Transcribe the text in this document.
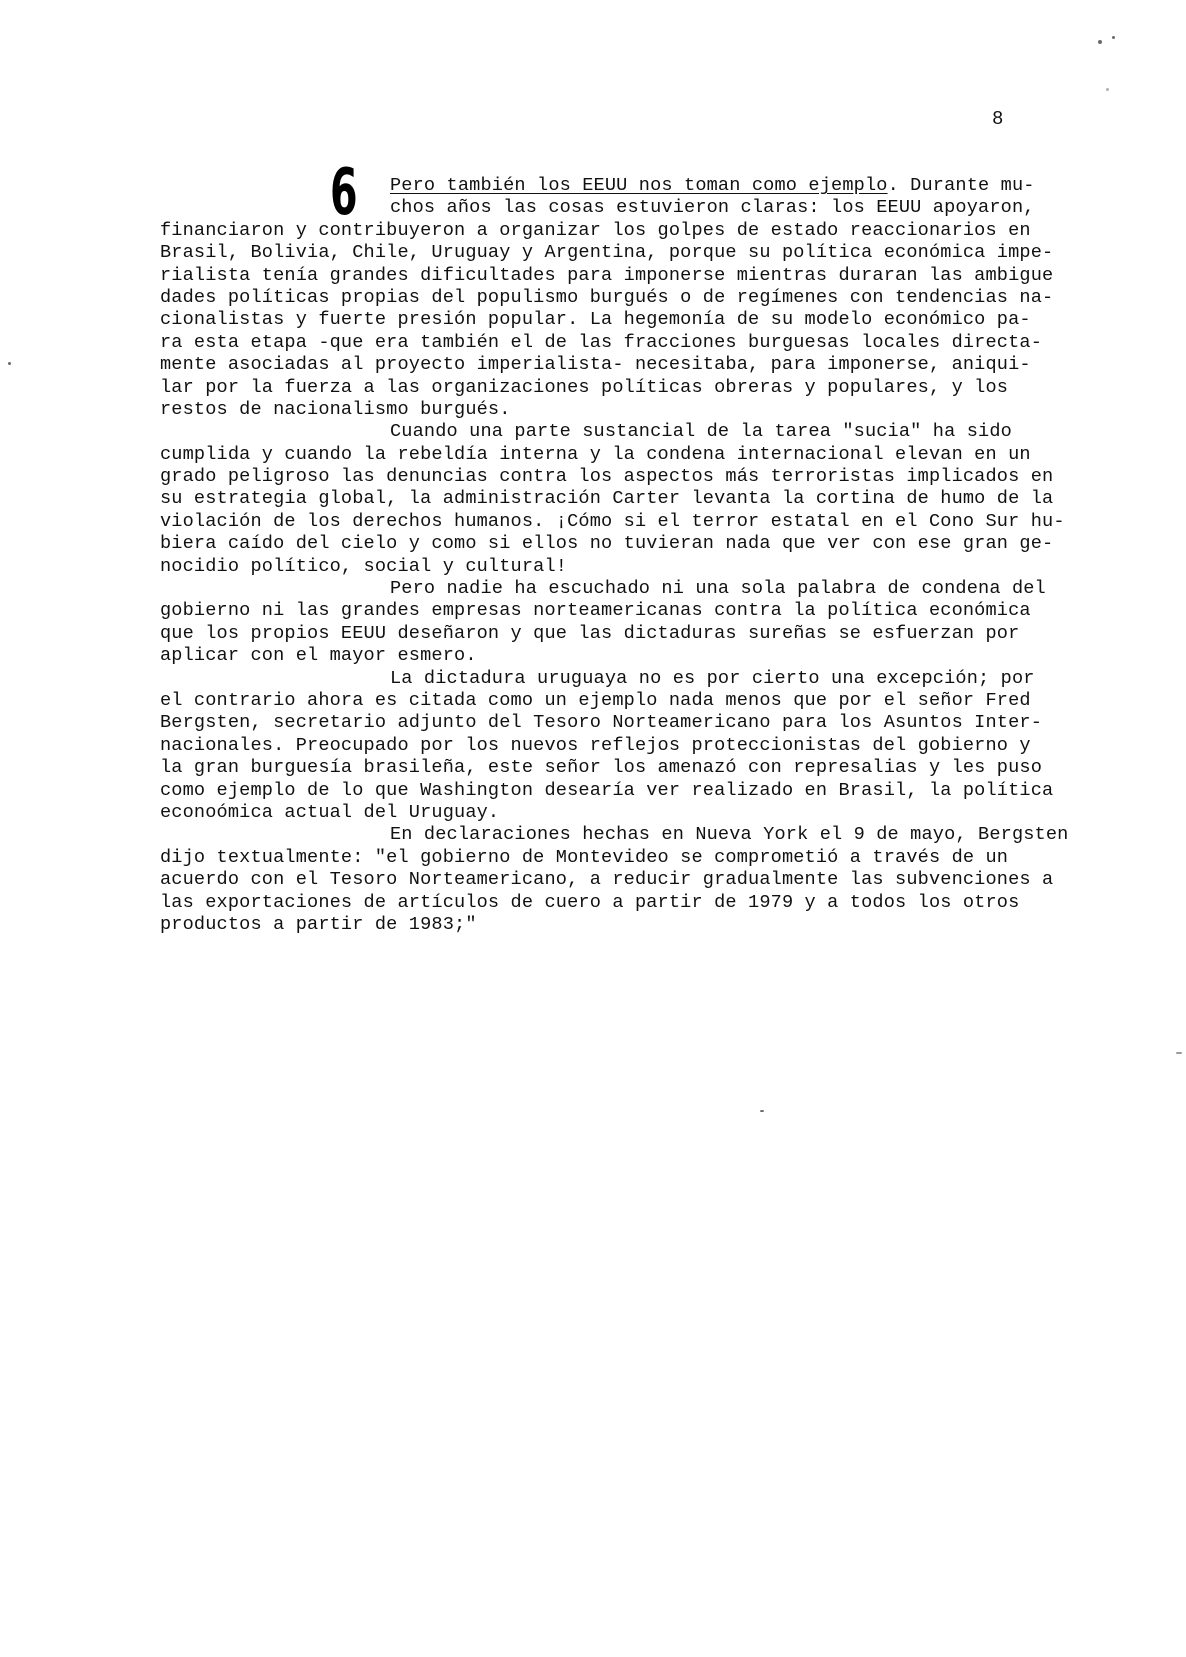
8
6	Pero también los EEUU nos toman como ejemplo. Durante mu-
chos años las cosas estuvieron claras: los EEUU apoyaron,
financiaron y contribuyeron a organizar los golpes de estado reaccionarios en
Brasil, Bolivia, Chile, Uruguay y Argentina, porque su política económica impe-
rialista tenía grandes dificultades para imponerse mientras duraran las ambigue
dades políticas propias del populismo burgués o de regímenes con tendencias na-
cionalistas y fuerte presión popular. La hegemonía de su modelo económico pa-
ra esta etapa -que era también el de las fracciones burguesas locales directa-
mente asociadas al proyecto imperialista- necesitaba, para imponerse, aniqui-
lar por la fuerza a las organizaciones políticas obreras y populares, y los
restos de nacionalismo burgués.
Cuando una parte sustancial de la tarea "sucia" ha sido
cumplida y cuando la rebeldía interna y la condena internacional elevan en un
grado peligroso las denuncias contra los aspectos más terroristas implicados en
su estrategia global, la administración Carter levanta la cortina de humo de la
violación de los derechos humanos. ¡Cómo si el terror estatal en el Cono Sur hu-
biera caído del cielo y como si ellos no tuvieran nada que ver con ese gran ge-
nocidio político, social y cultural!
Pero nadie ha escuchado ni una sola palabra de condena del
gobierno ni las grandes empresas norteamericanas contra la política económica
que los propios EEUU deseñaron y que las dictaduras sureñas se esfuerzan por
aplicar con el mayor esmero.
La dictadura uruguaya no es por cierto una excepción; por
el contrario ahora es citada como un ejemplo nada menos que por el señor Fred
Bergsten, secretario adjunto del Tesoro Norteamericano para los Asuntos Inter-
nacionales. Preocupado por los nuevos reflejos proteccionistas del gobierno y
la gran burguesía brasileña, este señor los amenazó con represalias y les puso
como ejemplo de lo que Washington desearía ver realizado en Brasil, la política
econoómica actual del Uruguay.
En declaraciones hechas en Nueva York el 9 de mayo, Bergsten
dijo textualmente: "el gobierno de Montevideo se comprometió a través de un
acuerdo con el Tesoro Norteamericano, a reducir gradualmente las subvenciones a
las exportaciones de artículos de cuero a partir de 1979 y a todos los otros
productos a partir de 1983;"
